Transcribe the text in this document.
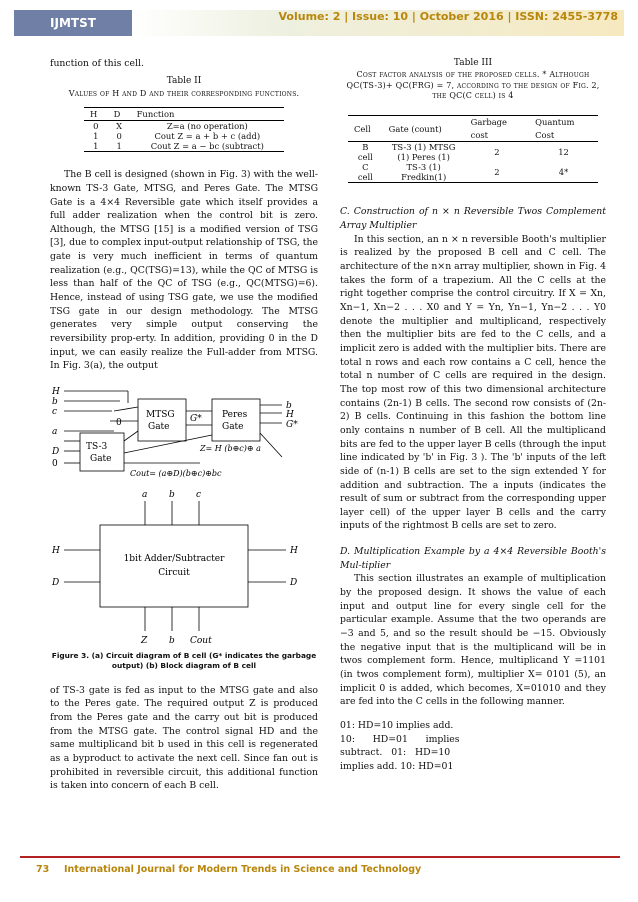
IJMTST	Volume: 2 | Issue: 10 | October 2016 | ISSN: 2455-3778

function of this cell.

Table II
Values of H and D and their corresponding functions.
H	D	Function
0	X	Z=a (no operation)
1	0	Cout Z = a + b + c (add)
1	1	Cout Z = a − bc (subtract)

The B cell is designed (shown in Fig. 3) with the well-known TS-3 Gate, MTSG, and Peres Gate. The MTSG Gate is a 4×4 Reversible gate which itself provides a full adder realization when the control bit is zero. Although, the MTSG [15] is a modified version of TSG [3], due to complex input-output relationship of TSG, the gate is very much inefficient in terms of quantum realization (e.g., QC(TSG)=13), while the QC of MTSG is less than half of the QC of TSG (e.g., QC(MTSG)=6). Hence, instead of using TSG gate, we use the modified TSG gate in our design methodology. The MTSG generates very simple output conserving the reversibility prop-erty. In addition, providing 0 in the D input, we can easily realize the Full-adder from MTSG. In Fig. 3(a), the output

H
b
c
a
D
0
0
MTSG
Gate
Peres
Gate
TS-3
Gate
G*
b
H
G*
Z= H (b⊕c)⊕ a
Cout= (a⊕D)(b⊕c)⊕bc
a b c
H	H
D	D
1bit Adder/Subtracter
Circuit
Z b Cout
Figure 3. (a) Circuit diagram of B cell (G* indicates the garbage output) (b) Block diagram of B cell

of TS-3 gate is fed as input to the MTSG gate and also to the Peres gate. The required output Z is produced from the Peres gate and the carry out bit is produced from the MTSG gate. The control signal HD and the same multiplicand bit b used in this cell is regenerated as a byproduct to activate the next cell. Since fan out is prohibited in reversible circuit, this additional function is taken into concern of each B cell.

Table III
Cost factor analysis of the proposed cells. * Although QC(TS-3)+ QC(FRG) = 7, according to the design of Fig. 2, the QC(C cell) is 4
Cell	Gate (count)	Garbage cost	Quantum Cost
B cell	TS-3 (1) MTSG (1) Peres (1)	2	12
C cell	TS-3 (1) Fredkin(1)	2	4*

C. Construction of n × n Reversible Twos Complement Array Multiplier

In this section, an n × n reversible Booth's multiplier is realized by the proposed B cell and C cell. The architecture of the n×n array multiplier, shown in Fig. 4 takes the form of a trapezium. All the C cells at the right together comprise the control circuitry. If X = Xn, Xn−1, Xn−2 . . . X0 and Y = Yn, Yn−1, Yn−2 . . . Y0 denote the multiplier and multiplicand, respectively then the multiplier bits are fed to the C cells, and a implicit zero is added with the multiplier bits. There are total n rows and each row contains a C cell, hence the total n number of C cells are required in the design. The top most row of this two dimensional architecture contains (2n-1) B cells. The second row consists of (2n-2) B cells. Continuing in this fashion the bottom line only contains n number of B cell. All the multiplicand bits are fed to the upper layer B cells (through the input line indicated by 'b' in Fig. 3 ). The 'b' inputs of the left side of (n-1) B cells are set to the sign extended Y for addition and subtraction. The a inputs (indicates the result of sum or subtract from the corresponding upper layer cell) of the upper layer B cells and the carry inputs of the rightmost B cells are set to zero.

D. Multiplication Example by a 4×4 Reversible Booth's Mul-tiplier

This section illustrates an example of multiplication by the proposed design. It shows the value of each input and output line for every single cell for the particular example. Assume that the two operands are −3 and 5, and so the result should be −15. Obviously the negative input that is the multiplicand will be in twos complement form. Hence, multiplicand Y =1101 (in twos complement form), multiplier X= 0101 (5), an implicit 0 is added, which becomes, X=01010 and they are fed into the C cells in the following manner.

01: HD=10 implies add.
10:      HD=01      implies
subtract.   01:   HD=10
implies add. 10: HD=01
73 International Journal for Modern Trends in Science and Technology
